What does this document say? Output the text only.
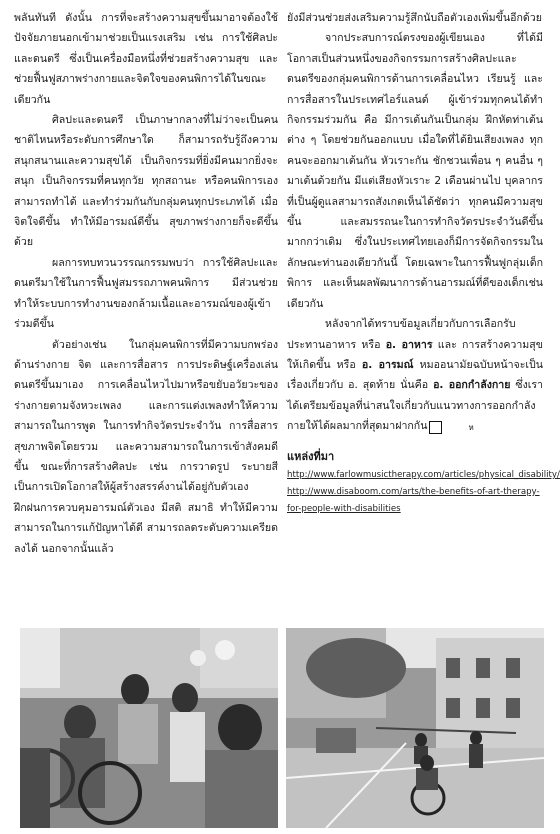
พลันทันที ดังนั้น การที่จะสร้างความสุขขึ้นมาอาจต้องใช้ปัจจัยภายนอกเข้ามาช่วยเป็นแรงเสริม เช่น การใช้ศิลปะและดนตรี ซึ่งเป็นเครื่องมือหนึ่งที่ช่วยสร้างความสุข และช่วยฟื้นฟูสภาพร่างกายและจิตใจของคนพิการได้ในขณะเดียวกัน

ศิลปะและดนตรี เป็นภาษากลางที่ไม่ว่าจะเป็นคนชาติไหนหรือระดับการศึกษาใด ก็สามารถรับรู้ถึงความสนุกสนานและความสุขได้ เป็นกิจกรรมที่ยิ่งมีคนมากยิ่งจะสนุก เป็นกิจกรรมที่คนทุกวัย ทุกสถานะ หรือคนพิการเอง สามารถทำได้ และทำร่วมกันกับกลุ่มคนทุกประเภทได้ เมื่อจิตใจดีขึ้น ทำให้มีอารมณ์ดีขึ้น สุขภาพร่างกายก็จะดีขึ้นด้วย

ผลการทบทวนวรรณกรรมพบว่า การใช้ศิลปะและดนตรีมาใช้ในการฟื้นฟูสมรรถภาพคนพิการ มีส่วนช่วยทำให้ระบบการทำงานของกล้ามเนื้อและอารมณ์ของผู้เข้าร่วมดีขึ้น

ตัวอย่างเช่น ในกลุ่มคนพิการที่มีความบกพร่องด้านร่างกาย จิต และการสื่อสาร การประดิษฐ์เครื่องเล่นดนตรีขึ้นมาเอง การเคลื่อนไหวไปมาหรือขยับอวัยวะของร่างกายตามจังหวะเพลง และการแต่งเพลงทำให้ความสามารถในการพูด ในการทำกิจวัตรประจำวัน การสื่อสาร สุขภาพจิตโดยรวม และความสามารถในการเข้าสังคมดีขึ้น ขณะที่การสร้างศิลปะ เช่น การวาดรูป ระบายสี เป็นการเปิดโอกาสให้ผู้สร้างสรรค์งานได้อยู่กับตัวเอง ฝึกฝนการควบคุมอารมณ์ตัวเอง มีสติ สมาธิ ทำให้มีความสามารถในการแก้ปัญหาได้ดี สามารถลดระดับความเครียดลงได้ นอกจากนั้นแล้ว

ยังมีส่วนช่วยส่งเสริมความรู้สึกนับถือตัวเองเพิ่มขึ้นอีกด้วย

จากประสบการณ์ตรงของผู้เขียนเอง ที่ได้มีโอกาสเป็นส่วนหนึ่งของกิจกรรมการสร้างศิลปะและดนตรีของกลุ่มคนพิการด้านการเคลื่อนไหว เรียนรู้ และการสื่อสารในประเทศไอร์แลนด์ ผู้เข้าร่วมทุกคนได้ทำกิจกรรมร่วมกัน คือ มีการเต้นกันเป็นกลุ่ม ฝึกหัดท่าเต้นต่าง ๆ โดยช่วยกันออกแบบ เมื่อใดที่ได้ยินเสียงเพลง ทุกคนจะออกมาเต้นกัน หัวเราะกัน ชักชวนเพื่อน ๆ คนอื่น ๆ มาเต้นด้วยกัน มีแต่เสียงหัวเราะ 2 เดือนผ่านไป บุคลากรที่เป็นผู้ดูแลสามารถสังเกตเห็นได้ชัดว่า ทุกคนมีความสุขขึ้น และสมรรถนะในการทำกิจวัตรประจำวันดีขึ้นมากกว่าเดิม ซึ่งในประเทศไทยเองก็มีการจัดกิจกรรมในลักษณะท่านองเดียวกันนี้ โดยเฉพาะในการฟื้นฟูกลุ่มเด็กพิการ และเห็นผลพัฒนาการด้านอารมณ์ที่ดีของเด็กเช่นเดียวกัน

หลังจากได้ทราบข้อมูลเกี่ยวกับการเลือกรับประทานอาหาร หรือ อ. อาหาร และ การสร้างความสุขให้เกิดขึ้น หรือ อ. อารมณ์ หมออนามัยฉบับหน้าจะเป็นเรื่องเกี่ยวกับ อ. สุดท้าย นั่นคือ อ. ออกกำลังกาย ซึ่งเราได้เตรียมข้อมูลที่น่าสนใจเกี่ยวกับแนวทางการออกกำลังกายให้ได้ผลมากที่สุดมาฝากกัน	ห

แหล่งที่มา

http://www.farlowmusictherapy.com/articles/physical_disability/
http://www.disaboom.com/arts/the-benefits-of-art-therapy-for-people-with-disabilities
